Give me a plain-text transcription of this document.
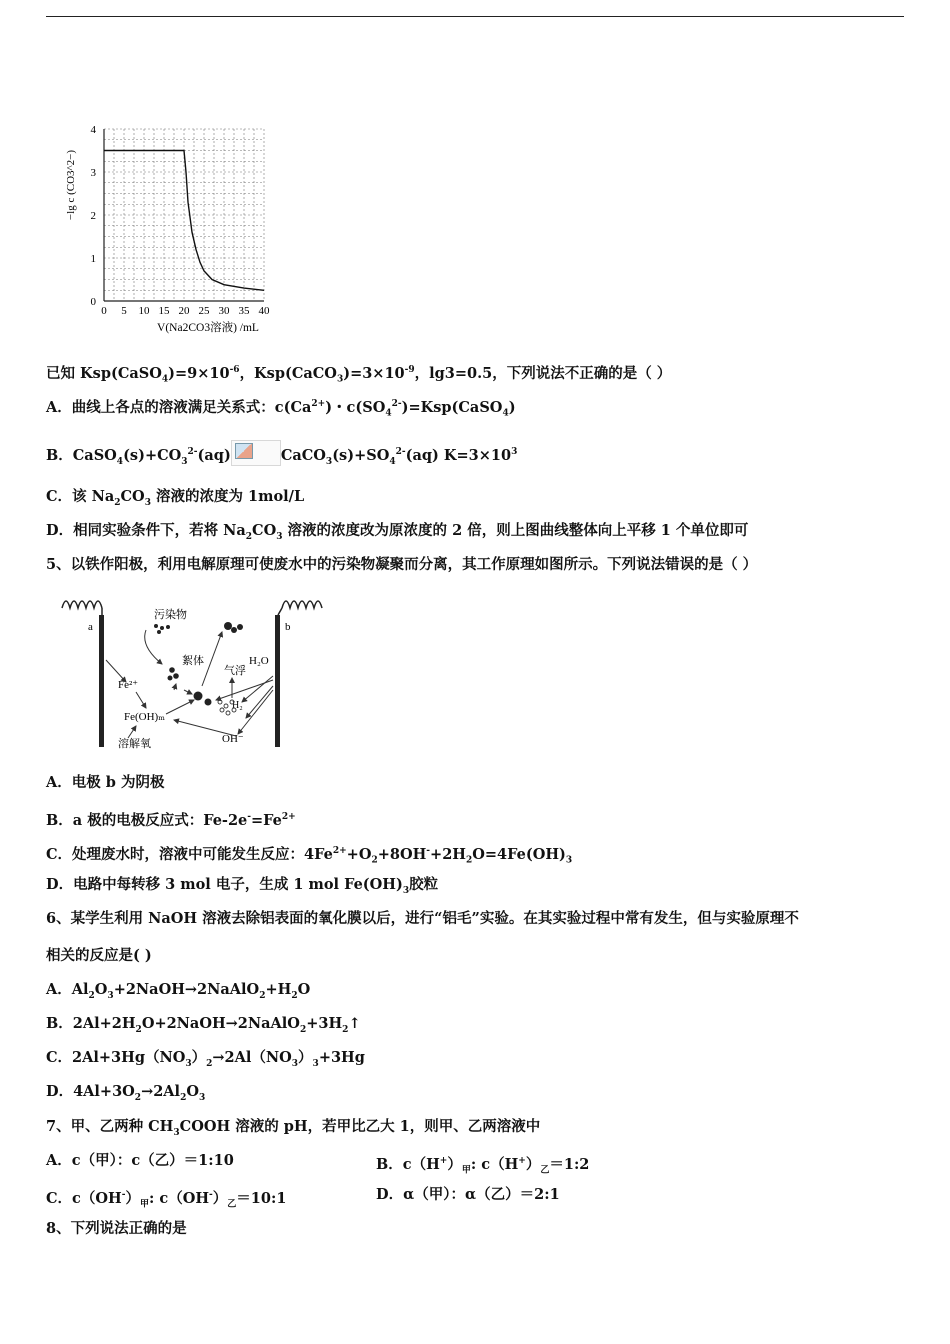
0 5 10 15 20 25 30 35 40
0
1
2
3
4
−lg c (CO3^2−)
V(Na2CO3溶液) /mL
已知 $Ksp(CaSO_4)=9\times 10^{-6}$，$Ksp(CaCO_3)=3\times 10^{-9}$，lg3=0.5，下列说法不正确的是（ ）
A．曲线上各点的溶液满足关系式：$c(Ca^{2+})$・$c(SO_4^{2-})=Ksp(CaSO_4)$
B．$CaSO_4(s)+CO_3^{2-}(aq)$	$CaCO_3(s)+SO_4^{2-}(aq)$ $K=3\times 10^3$
C．该 $Na_2CO_3$ 溶液的浓度为 1mol/L
D．相同实验条件下，若将 $Na_2CO_3$ 溶液的浓度改为原浓度的 2 倍，则上图曲线整体向上平移 1 个单位即可
5、以铁作阳极，利用电解原理可使废水中的污染物凝聚而分离，其工作原理如图所示。下列说法错误的是（ ）
a	b
污染物
絮体
气浮
H₂O
Fe²⁺
Fe(OH)ₘ
H₂
OH⁻
溶解氧
A．电极 b 为阴极
B．a 极的电极反应式：$Fe-2e^-=Fe^{2+}$
C．处理废水时，溶液中可能发生反应：$4Fe^{2+}+O_2+8OH^-+2H_2O=4Fe(OH)_3$
D．电路中每转移 3 mol 电子，生成 1 mol $Fe(OH)_3$胶粒
6、某学生利用 NaOH 溶液去除铝表面的氧化膜以后，进行“铝毛”实验。在其实验过程中常有发生，但与实验原理不
相关的反应是( )
A．$Al_2O_3+2NaOH\to 2NaAlO_2+H_2O$
B．$2Al+2H_2O+2NaOH\to 2NaAlO_2+3H_2↑$
C．$2Al+3Hg(NO_3)_2\to 2Al(NO_3)_3+3Hg$
D．$4Al+3O_2\to 2Al_2O_3$
7、甲、乙两种 $CH_3COOH$ 溶液的 pH，若甲比乙大 1，则甲、乙两溶液中
A．c（甲）：c（乙）＝1:10	B．$c(H^+)_甲$: $c(H^+)_乙=1:2$
C．$c(OH^-)_甲$: $c(OH^-)_乙=10:1$	D．α（甲）：α（乙）＝2:1
8、下列说法正确的是
